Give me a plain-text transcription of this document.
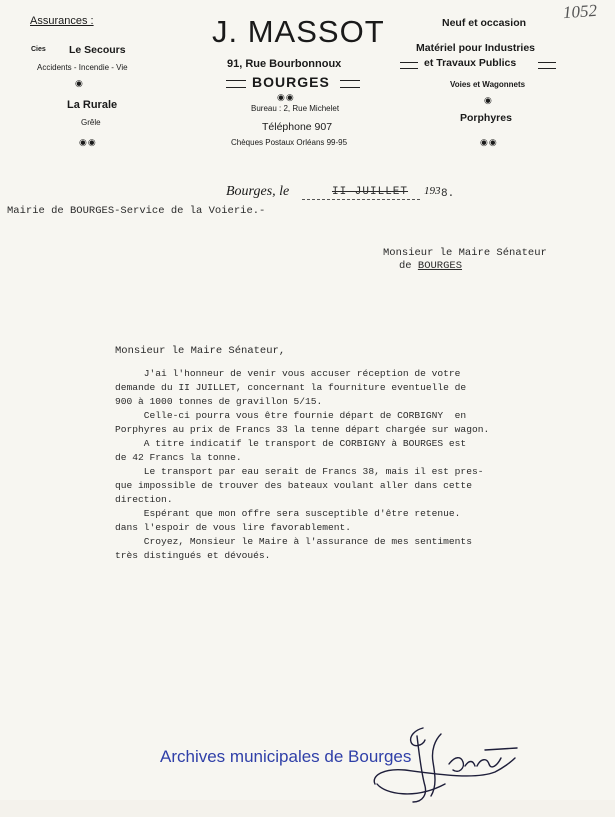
1052
Assurances :
Cies Le Secours
Accidents - Incendie - Vie
◉
La Rurale
Grêle
◉◉
J. MASSOT
91, Rue Bourbonnoux
BOURGES
◉◉
Bureau : 2, Rue Michelet
Téléphone 907
Chèques Postaux Orléans 99-95
Neuf et occasion
Matériel pour Industries
et Travaux Publics
Voies et Wagonnets
◉
Porphyres
◉◉
Bourges, le	II JUILLET 193 8.
Mairie de BOURGES-Service de la Voierie.-
Monsieur le Maire Sénateur
de BOURGES
Monsieur le Maire Sénateur,
J'ai l'honneur de venir vous accuser réception de votre
demande du II JUILLET, concernant la fourniture eventuelle de
900 à 1000 tonnes de gravillon 5/15.
Celle-ci pourra vous être fournie départ de CORBIGNY  en
Porphyres au prix de Francs 33 la tenne départ chargée sur wagon.
A titre indicatif le transport de CORBIGNY à BOURGES est
de 42 Francs la tonne.
Le transport par eau serait de Francs 38, mais il est pres-
que impossible de trouver des bateaux voulant aller dans cette
direction.
Espérant que mon offre sera susceptible d'être retenue.
dans l'espoir de vous lire favorablement.
Croyez, Monsieur le Maire à l'assurance de mes sentiments
très distingués et dévoués.
Archives municipales de Bourges
